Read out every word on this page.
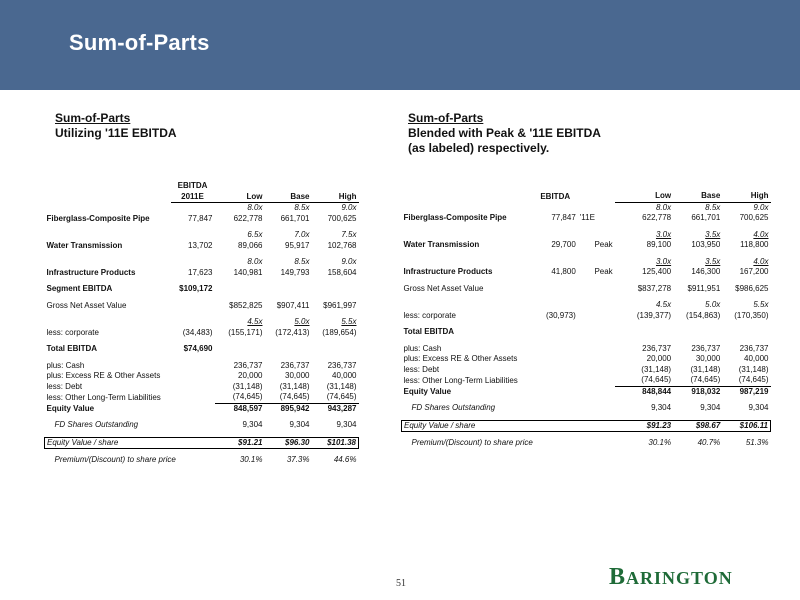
Sum-of-Parts
Sum-of-Parts
Utilizing '11E EBITDA
Sum-of-Parts
Blended with Peak & '11E EBITDA
(as labeled) respectively.
	EBITDA			
	2011E	Low	Base	High
		8.0x	8.5x	9.0x
Fiberglass-Composite Pipe	77,847	622,778	661,701	700,625

		6.5x	7.0x	7.5x
Water Transmission	13,702	89,066	95,917	102,768

		8.0x	8.5x	9.0x
Infrastructure Products	17,623	140,981	149,793	158,604

Segment EBITDA	$109,172			

Gross Net Asset Value		$852,825	$907,411	$961,997

		4.5x	5.0x	5.5x
less: corporate	(34,483)	(155,171)	(172,413)	(189,654)

Total EBITDA	$74,690			

plus: Cash		236,737	236,737	236,737
plus: Excess RE & Other Assets		20,000	30,000	40,000
less: Debt		(31,148)	(31,148)	(31,148)
less: Other Long-Term Liabilities		(74,645)	(74,645)	(74,645)
Equity Value		848,597	895,942	943,287

FD Shares Outstanding		9,304	9,304	9,304

Equity Value / share		$91.21	$96.30	$101.38

Premium/(Discount) to share price		30.1%	37.3%	44.6%
	EBITDA		Low	Base	High
			8.0x	8.5x	9.0x
Fiberglass-Composite Pipe	77,847	'11E	622,778	661,701	700,625

			3.0x	3.5x	4.0x
Water Transmission	29,700	Peak	89,100	103,950	118,800

			3.0x	3.5x	4.0x
Infrastructure Products	41,800	Peak	125,400	146,300	167,200

Gross Net Asset Value			$837,278	$911,951	$986,625

			4.5x	5.0x	5.5x
less: corporate	(30,973)		(139,377)	(154,863)	(170,350)

Total EBITDA					

plus: Cash			236,737	236,737	236,737
plus: Excess RE & Other Assets			20,000	30,000	40,000
less: Debt			(31,148)	(31,148)	(31,148)
less: Other Long-Term Liabilities			(74,645)	(74,645)	(74,645)
Equity Value			848,844	918,032	987,219

FD Shares Outstanding			9,304	9,304	9,304

Equity Value / share			$91.23	$98.67	$106.11

Premium/(Discount) to share price			30.1%	40.7%	51.3%
51	BARINGTON
